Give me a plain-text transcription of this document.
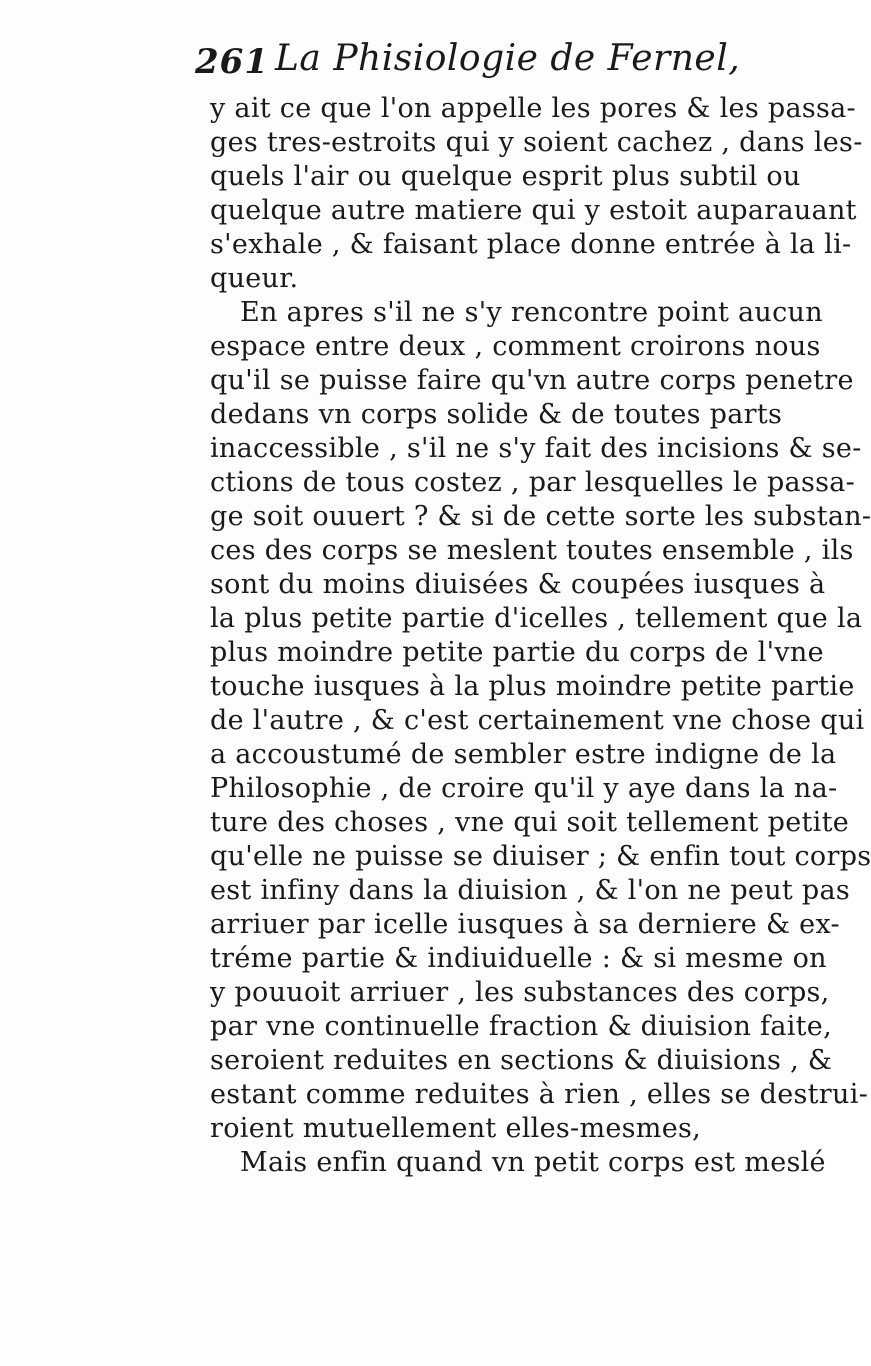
261 La Phisiologie de Fernel,
y ait ce que l'on appelle les pores & les passa-
ges tres-estroits qui y soient cachez , dans les-
quels l'air ou quelque esprit plus subtil ou
quelque autre matiere qui y estoit auparauant
s'exhale , & faisant place donne entrée à la li-
queur.
En apres s'il ne s'y rencontre point aucun
espace entre deux , comment croirons nous
qu'il se puisse faire qu'vn autre corps penetre
dedans vn corps solide & de toutes parts
inaccessible , s'il ne s'y fait des incisions & se-
ctions de tous costez , par lesquelles le passa-
ge soit ouuert ? & si de cette sorte les substan-
ces des corps se meslent toutes ensemble , ils
sont du moins diuisées & coupées iusques à
la plus petite partie d'icelles , tellement que la
plus moindre petite partie du corps de l'vne
touche iusques à la plus moindre petite partie
de l'autre , & c'est certainement vne chose qui
a accoustumé de sembler estre indigne de la
Philosophie , de croire qu'il y aye dans la na-
ture des choses , vne qui soit tellement petite
qu'elle ne puisse se diuiser ; & enfin tout corps
est infiny dans la diuision , & l'on ne peut pas
arriuer par icelle iusques à sa derniere & ex-
tréme partie & indiuiduelle : & si mesme on
y pouuoit arriuer , les substances des corps,
par vne continuelle fraction & diuision faite,
seroient reduites en sections & diuisions , &
estant comme reduites à rien , elles se destrui-
roient mutuellement elles-mesmes,
Mais enfin quand vn petit corps est meslé
